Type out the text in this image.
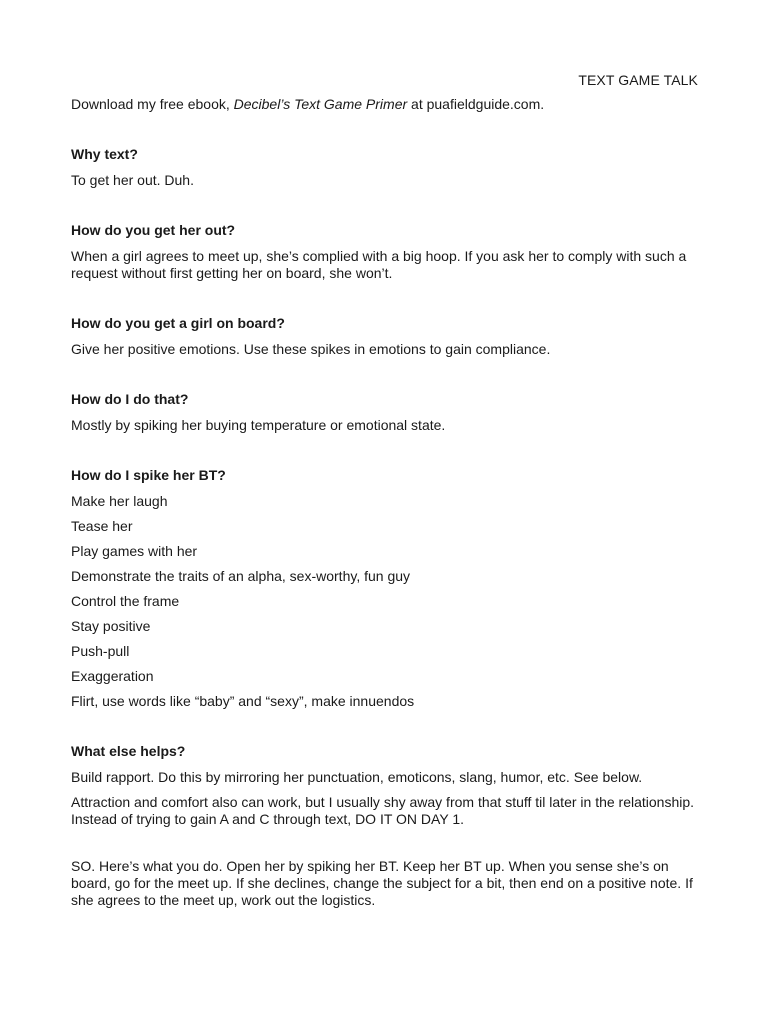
TEXT GAME TALK

Download my free ebook, Decibel’s Text Game Primer at puafieldguide.com.

Why text?

To get her out. Duh.

How do you get her out?

When a girl agrees to meet up, she’s complied with a big hoop. If you ask her to comply with such a request without first getting her on board, she won’t.

How do you get a girl on board?

Give her positive emotions. Use these spikes in emotions to gain compliance.

How do I do that?

Mostly by spiking her buying temperature or emotional state.

How do I spike her BT?

Make her laugh

Tease her

Play games with her

Demonstrate the traits of an alpha, sex-worthy, fun guy

Control the frame

Stay positive

Push-pull

Exaggeration

Flirt, use words like “baby” and “sexy”, make innuendos

What else helps?

Build rapport. Do this by mirroring her punctuation, emoticons, slang, humor, etc. See below.

Attraction and comfort also can work, but I usually shy away from that stuff til later in the relationship. Instead of trying to gain A and C through text, DO IT ON DAY 1.

SO. Here’s what you do. Open her by spiking her BT. Keep her BT up. When you sense she’s on board, go for the meet up. If she declines, change the subject for a bit, then end on a positive note. If she agrees to the meet up, work out the logistics.
